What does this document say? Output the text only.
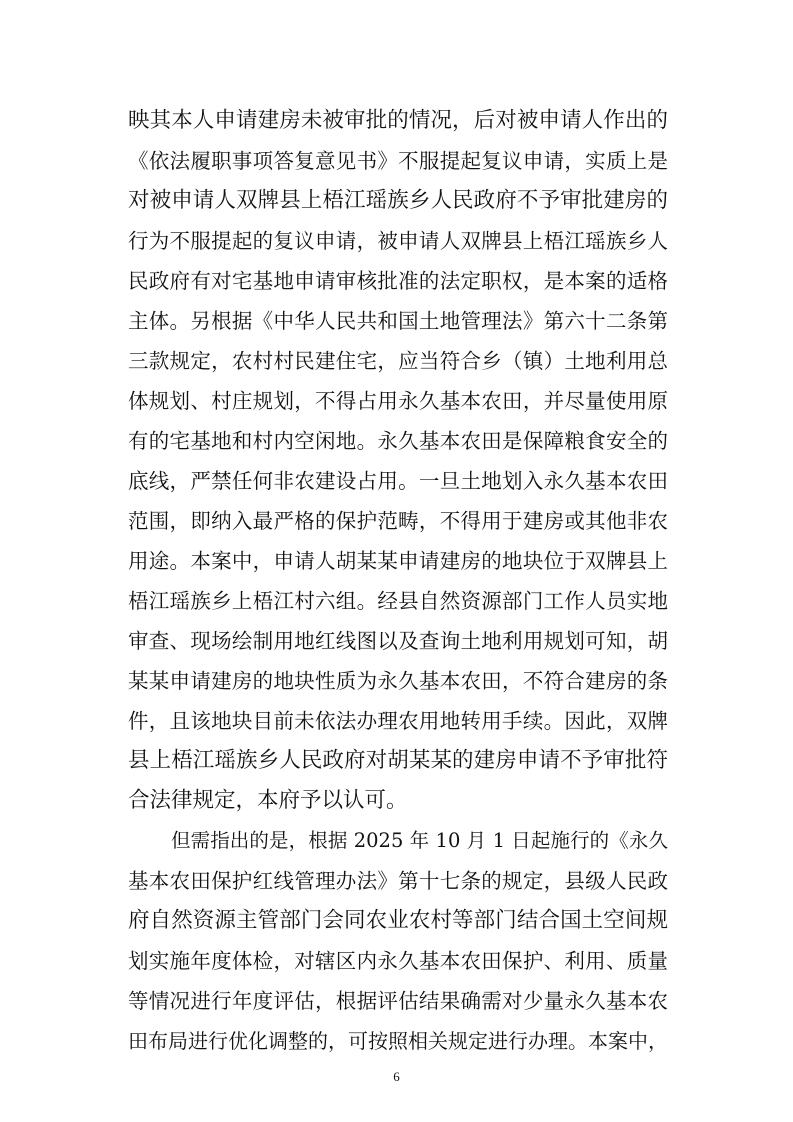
映其本人申请建房未被审批的情况，后对被申请人作出的
《依法履职事项答复意见书》不服提起复议申请，实质上是
对被申请人双牌县上梧江瑶族乡人民政府不予审批建房的
行为不服提起的复议申请，被申请人双牌县上梧江瑶族乡人
民政府有对宅基地申请审核批准的法定职权，是本案的适格
主体。另根据《中华人民共和国土地管理法》第六十二条第
三款规定，农村村民建住宅，应当符合乡（镇）土地利用总
体规划、村庄规划，不得占用永久基本农田，并尽量使用原
有的宅基地和村内空闲地。永久基本农田是保障粮食安全的
底线，严禁任何非农建设占用。一旦土地划入永久基本农田
范围，即纳入最严格的保护范畴，不得用于建房或其他非农
用途。本案中，申请人胡某某申请建房的地块位于双牌县上
梧江瑶族乡上梧江村六组。经县自然资源部门工作人员实地
审查、现场绘制用地红线图以及查询土地利用规划可知，胡
某某申请建房的地块性质为永久基本农田，不符合建房的条
件，且该地块目前未依法办理农用地转用手续。因此，双牌
县上梧江瑶族乡人民政府对胡某某的建房申请不予审批符
合法律规定，本府予以认可。
但需指出的是，根据 2025 年 10 月 1 日起施行的《永久
基本农田保护红线管理办法》第十七条的规定，县级人民政
府自然资源主管部门会同农业农村等部门结合国土空间规
划实施年度体检，对辖区内永久基本农田保护、利用、质量
等情况进行年度评估，根据评估结果确需对少量永久基本农
田布局进行优化调整的，可按照相关规定进行办理。本案中，
6
